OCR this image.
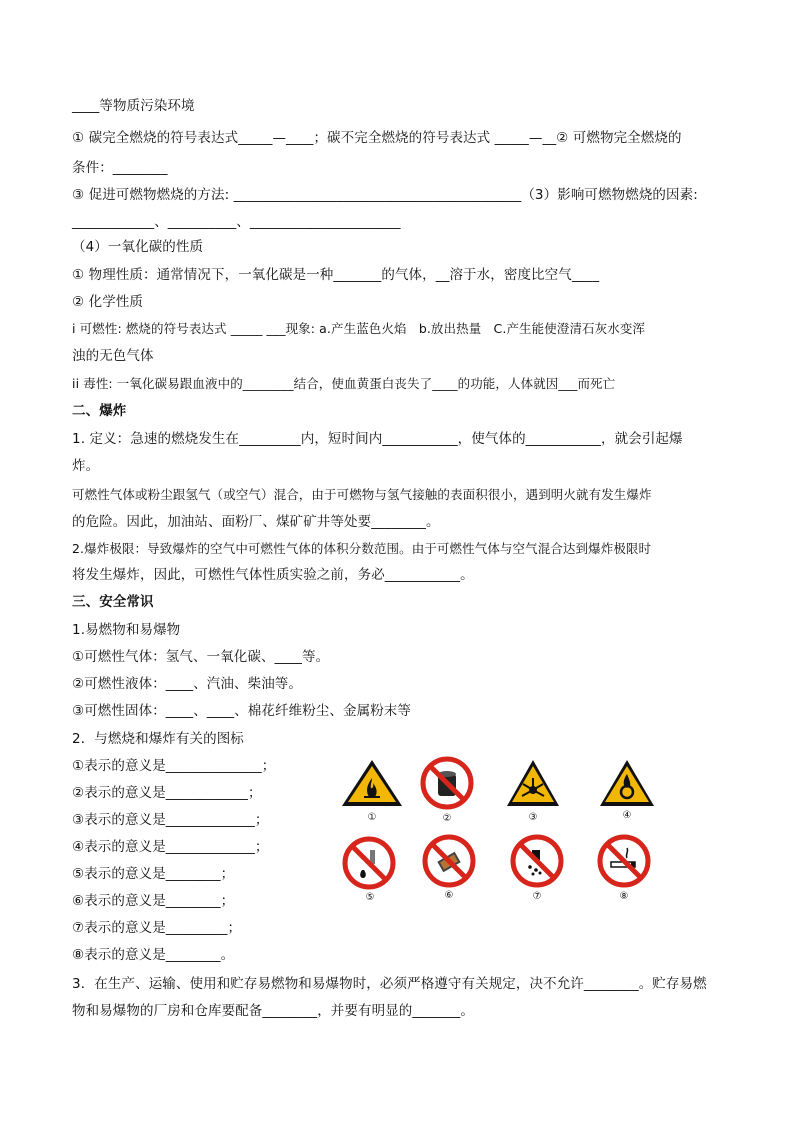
____等物质污染环境
① 碳完全燃烧的符号表达式_____—____；碳不完全燃烧的符号表达式 _____—__② 可燃物完全燃烧的
条件：________
③ 促进可燃物燃烧的方法: __________________________________________（3）影响可燃物燃烧的因素:
____________、__________、______________________
（4）一氧化碳的性质
① 物理性质：通常情况下，一氧化碳是一种_______的气体，__溶于水，密度比空气____
② 化学性质
i 可燃性: 燃烧的符号表达式 _____ ___现象: a.产生蓝色火焰   b.放出热量   C.产生能使澄清石灰水变浑
浊的无色气体
ii 毒性: 一氧化碳易跟血液中的________结合，使血黄蛋白丧失了____的功能，人体就因___而死亡
二、爆炸
1. 定义：急速的燃烧发生在_________内，短时间内___________，使气体的___________，就会引起爆
炸。
可燃性气体或粉尘跟氢气（或空气）混合，由于可燃物与氢气接触的表面积很小，遇到明火就有发生爆炸
的危险。因此，加油站、面粉厂、煤矿矿井等处要________。
2.爆炸极限：导致爆炸的空气中可燃性气体的体积分数范围。由于可燃性气体与空气混合达到爆炸极限时
将发生爆炸，因此，可燃性气体性质实验之前，务必___________。
三、安全常识
1.易燃物和易爆物
①可燃性气体：氢气、一氧化碳、____等。
②可燃性液体：____、汽油、柴油等。
③可燃性固体：____、____、棉花纤维粉尘、金属粉末等
2．与燃烧和爆炸有关的图标
①表示的意义是______________；
②表示的意义是____________；
③表示的意义是_____________；
④表示的意义是_____________；
⑤表示的意义是________；
⑥表示的意义是________；
⑦表示的意义是_________；
⑧表示的意义是________。
3．在生产、运输、使用和贮存易燃物和易爆物时，必须严格遵守有关规定，决不允许________。贮存易燃
物和易爆物的厂房和仓库要配备________，并要有明显的_______。
①	②	③	④
⑤	⑥	⑦	⑧
